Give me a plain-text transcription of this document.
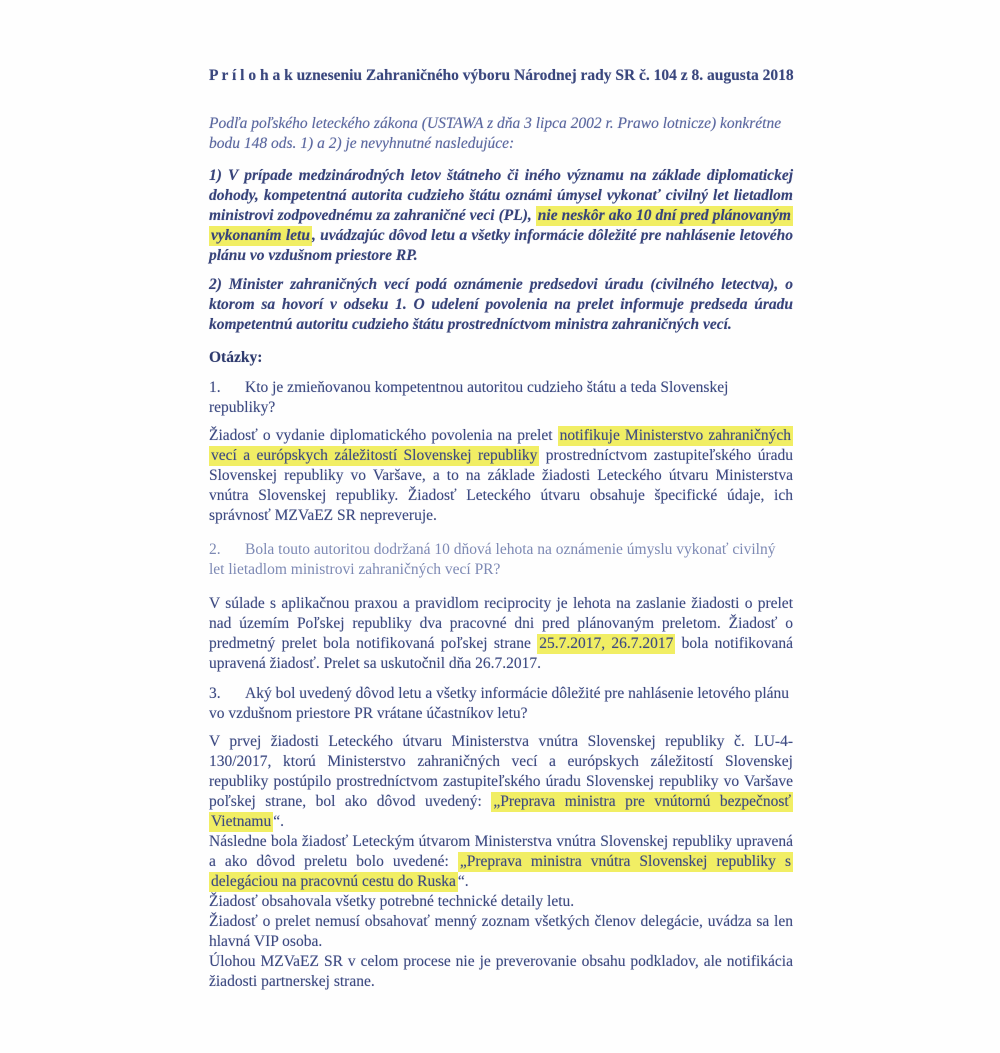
P r í l o h a k uzneseniu Zahraničného výboru Národnej rady SR č. 104 z 8. augusta 2018

Podľa poľského leteckého zákona (USTAWA z dňa 3 lipca 2002 r. Prawo lotnicze) konkrétne bodu 148 ods. 1) a 2) je nevyhnutné nasledujúce:

1) V prípade medzinárodných letov štátneho či iného významu na základe diplomatickej dohody, kompetentná autorita cudzieho štátu oznámi úmysel vykonať civilný let lietadlom ministrovi zodpovednému za zahraničné veci (PL), nie neskôr ako 10 dní pred plánovaným vykonaním letu , uvádzajúc dôvod letu a všetky informácie dôležité pre nahlásenie letového plánu vo vzdušnom priestore RP.

2) Minister zahraničných vecí podá oznámenie predsedovi úradu (civilného letectva), o ktorom sa hovorí v odseku 1. O udelení povolenia na prelet informuje predseda úradu kompetentnú autoritu cudzieho štátu prostredníctvom ministra zahraničných vecí.

Otázky:

1. Kto je zmieňovanou kompetentnou autoritou cudzieho štátu a teda Slovenskej republiky?

Žiadosť o vydanie diplomatického povolenia na prelet notifikuje Ministerstvo zahraničných vecí a európskych záležitostí Slovenskej republiky prostredníctvom zastupiteľského úradu Slovenskej republiky vo Varšave, a to na základe žiadosti Leteckého útvaru Ministerstva vnútra Slovenskej republiky. Žiadosť Leteckého útvaru obsahuje špecifické údaje, ich správnosť MZVaEZ SR nepreveruje.

2. Bola touto autoritou dodržaná 10 dňová lehota na oznámenie úmyslu vykonať civilný let lietadlom ministrovi zahraničných vecí PR?

V súlade s aplikačnou praxou a pravidlom reciprocity je lehota na zaslanie žiadosti o prelet nad územím Poľskej republiky dva pracovné dni pred plánovaným preletom. Žiadosť o predmetný prelet bola notifikovaná poľskej strane 25.7.2017, 26.7.2017 bola notifikovaná upravená žiadosť. Prelet sa uskutočnil dňa 26.7.2017.

3. Aký bol uvedený dôvod letu a všetky informácie dôležité pre nahlásenie letového plánu vo vzdušnom priestore PR vrátane účastníkov letu?

V prvej žiadosti Leteckého útvaru Ministerstva vnútra Slovenskej republiky č. LU-4-130/2017, ktorú Ministerstvo zahraničných vecí a európskych záležitostí Slovenskej republiky postúpilo prostredníctvom zastupiteľského úradu Slovenskej republiky vo Varšave poľskej strane, bol ako dôvod uvedený: „Preprava ministra pre vnútornú bezpečnosť Vietnamu “.

Následne bola žiadosť Leteckým útvarom Ministerstva vnútra Slovenskej republiky upravená a ako dôvod preletu bolo uvedené: „Preprava ministra vnútra Slovenskej republiky s delegáciou na pracovnú cestu do Ruska “.

Žiadosť obsahovala všetky potrebné technické detaily letu.

Žiadosť o prelet nemusí obsahovať menný zoznam všetkých členov delegácie, uvádza sa len hlavná VIP osoba.

Úlohou MZVaEZ SR v celom procese nie je preverovanie obsahu podkladov, ale notifikácia žiadosti partnerskej strane.
